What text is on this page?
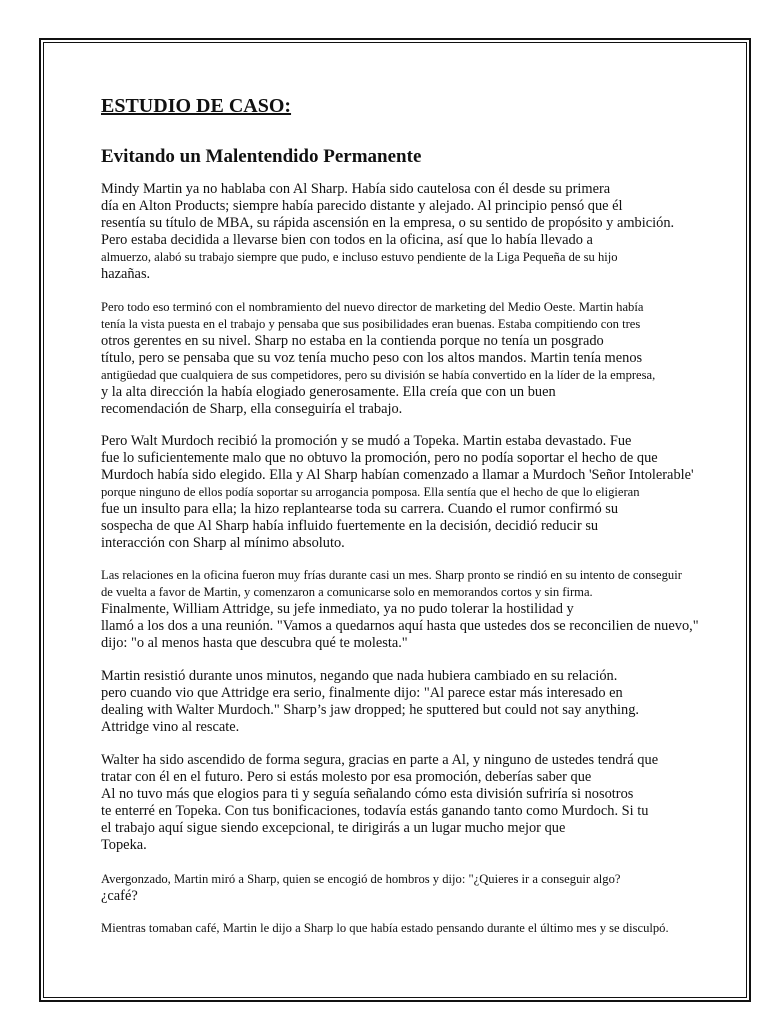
ESTUDIO DE CASO:
Evitando un Malentendido Permanente
Mindy Martin ya no hablaba con Al Sharp. Había sido cautelosa con él desde su primera
día en Alton Products; siempre había parecido distante y alejado. Al principio pensó que él
resentía su título de MBA, su rápida ascensión en la empresa, o su sentido de propósito y ambición.
Pero estaba decidida a llevarse bien con todos en la oficina, así que lo había llevado a
almuerzo, alabó su trabajo siempre que pudo, e incluso estuvo pendiente de la Liga Pequeña de su hijo
hazañas.
Pero todo eso terminó con el nombramiento del nuevo director de marketing del Medio Oeste. Martin había
tenía la vista puesta en el trabajo y pensaba que sus posibilidades eran buenas. Estaba compitiendo con tres
otros gerentes en su nivel. Sharp no estaba en la contienda porque no tenía un posgrado
título, pero se pensaba que su voz tenía mucho peso con los altos mandos. Martin tenía menos
antigüedad que cualquiera de sus competidores, pero su división se había convertido en la líder de la empresa,
y la alta dirección la había elogiado generosamente. Ella creía que con un buen
recomendación de Sharp, ella conseguiría el trabajo.
Pero Walt Murdoch recibió la promoción y se mudó a Topeka. Martin estaba devastado. Fue
fue lo suficientemente malo que no obtuvo la promoción, pero no podía soportar el hecho de que
Murdoch había sido elegido. Ella y Al Sharp habían comenzado a llamar a Murdoch 'Señor Intolerable'
porque ninguno de ellos podía soportar su arrogancia pomposa. Ella sentía que el hecho de que lo eligieran
fue un insulto para ella; la hizo replantearse toda su carrera. Cuando el rumor confirmó su
sospecha de que Al Sharp había influido fuertemente en la decisión, decidió reducir su
interacción con Sharp al mínimo absoluto.
Las relaciones en la oficina fueron muy frías durante casi un mes. Sharp pronto se rindió en su intento de conseguir
de vuelta a favor de Martin, y comenzaron a comunicarse solo en memorandos cortos y sin firma.
Finalmente, William Attridge, su jefe inmediato, ya no pudo tolerar la hostilidad y
llamó a los dos a una reunión. "Vamos a quedarnos aquí hasta que ustedes dos se reconcilien de nuevo,"
dijo: "o al menos hasta que descubra qué te molesta."
Martin resistió durante unos minutos, negando que nada hubiera cambiado en su relación.
pero cuando vio que Attridge era serio, finalmente dijo: "Al parece estar más interesado en
dealing with Walter Murdoch." Sharp’s jaw dropped; he sputtered but could not say anything.
Attridge vino al rescate.
Walter ha sido ascendido de forma segura, gracias en parte a Al, y ninguno de ustedes tendrá que
tratar con él en el futuro. Pero si estás molesto por esa promoción, deberías saber que
Al no tuvo más que elogios para ti y seguía señalando cómo esta división sufriría si nosotros
te enterré en Topeka. Con tus bonificaciones, todavía estás ganando tanto como Murdoch. Si tu
el trabajo aquí sigue siendo excepcional, te dirigirás a un lugar mucho mejor que
Topeka.
Avergonzado, Martin miró a Sharp, quien se encogió de hombros y dijo: "¿Quieres ir a conseguir algo?
¿café?
Mientras tomaban café, Martin le dijo a Sharp lo que había estado pensando durante el último mes y se disculpó.
